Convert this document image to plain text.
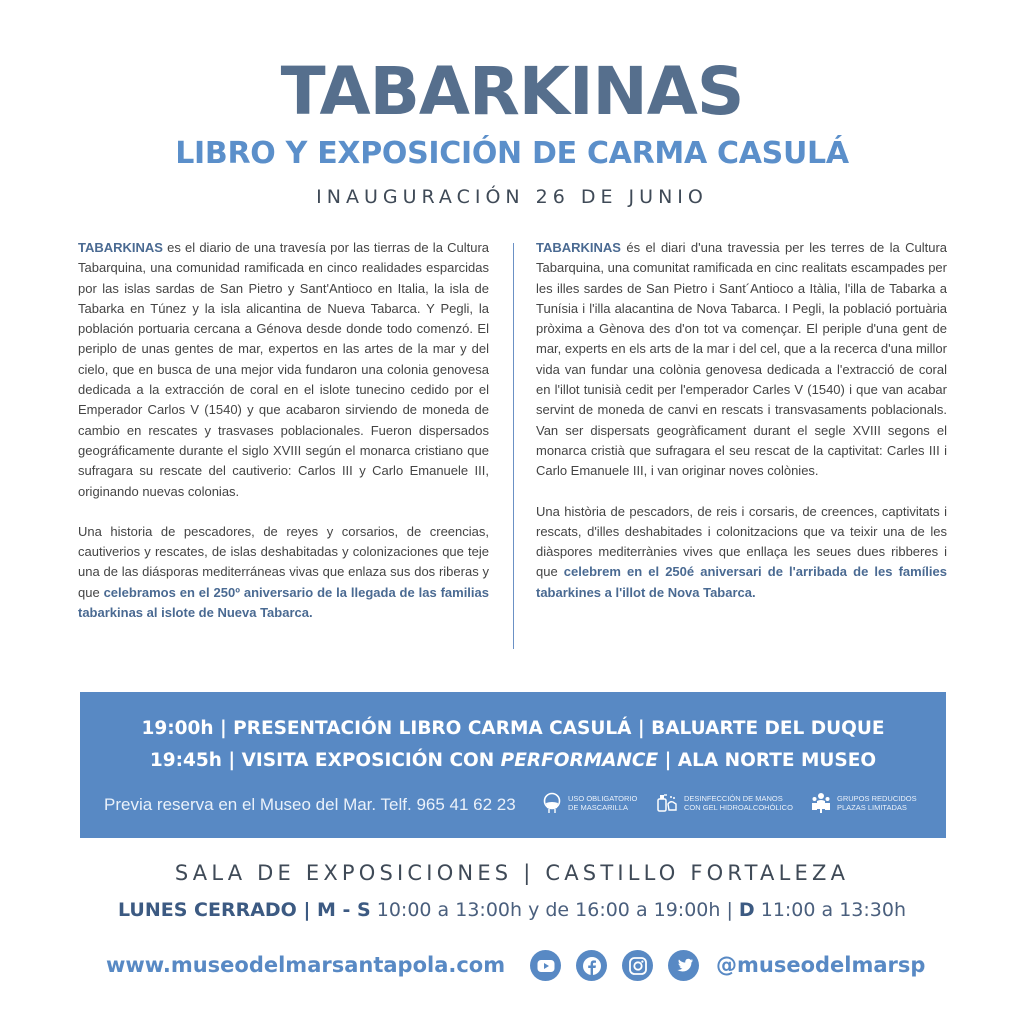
TABARKINAS
LIBRO Y EXPOSICIÓN DE CARMA CASULÁ
INAUGURACIÓN 26 DE JUNIO

TABARKINAS es el diario de una travesía por las tierras de la Cultura Tabarquina, una comunidad ramificada en cinco realidades esparcidas por las islas sardas de San Pietro y Sant'Antioco en Italia, la isla de Tabarka en Túnez y la isla alicantina de Nueva Tabarca. Y Pegli, la población portuaria cercana a Génova desde donde todo comenzó. El periplo de unas gentes de mar, expertos en las artes de la mar y del cielo, que en busca de una mejor vida fundaron una colonia genovesa dedicada a la extracción de coral en el islote tunecino cedido por el Emperador Carlos V (1540) y que acabaron sirviendo de moneda de cambio en rescates y trasvases poblacionales. Fueron dispersados geográficamente durante el siglo XVIII según el monarca cristiano que sufragara su rescate del cautiverio: Carlos III y Carlo Emanuele III, originando nuevas colonias.

Una historia de pescadores, de reyes y corsarios, de creencias, cautiverios y rescates, de islas deshabitadas y colonizaciones que teje una de las diásporas mediterráneas vivas que enlaza sus dos riberas y que celebramos en el 250º aniversario de la llegada de las familias tabarkinas al islote de Nueva Tabarca.

TABARKINAS és el diari d'una travessia per les terres de la Cultura Tabarquina, una comunitat ramificada en cinc realitats escampades per les illes sardes de San Pietro i Sant´Antioco a Itàlia, l'illa de Tabarka a Tunísia i l'illa alacantina de Nova Tabarca. I Pegli, la població portuària pròxima a Gènova des d'on tot va començar. El periple d'una gent de mar, experts en els arts de la mar i del cel, que a la recerca d'una millor vida van fundar una colònia genovesa dedicada a l'extracció de coral en l'illot tunisià cedit per l'emperador Carles V (1540) i que van acabar servint de moneda de canvi en rescats i transvasaments poblacionals. Van ser dispersats geogràficament durant el segle XVIII segons el monarca cristià que sufragara el seu rescat de la captivitat: Carles III i Carlo Emanuele III, i van originar noves colònies.

Una història de pescadors, de reis i corsaris, de creences, captivitats i rescats, d'illes deshabitades i colonitzacions que va teixir una de les diàspores mediterrànies vives que enllaça les seues dues ribberes i que celebrem en el 250é aniversari de l'arribada de les famílies tabarkines a l'illot de Nova Tabarca.

19:00h | PRESENTACIÓN LIBRO CARMA CASULÁ | BALUARTE DEL DUQUE
19:45h | VISITA EXPOSICIÓN CON PERFORMANCE | ALA NORTE MUSEO
Previa reserva en el Museo del Mar. Telf. 965 41 62 23	USO OBLIGATORIO
DE MASCARILLA
DESINFECCIÓN DE MANOS
CON GEL HIDROALCOHÓLICO
GRUPOS REDUCIDOS
PLAZAS LIMITADAS
SALA DE EXPOSICIONES | CASTILLO FORTALEZA
LUNES CERRADO | M - S 10:00 a 13:00h y de 16:00 a 19:00h | D 11:00 a 13:30h
www.museodelmarsantapola.com	@museodelmarsp
